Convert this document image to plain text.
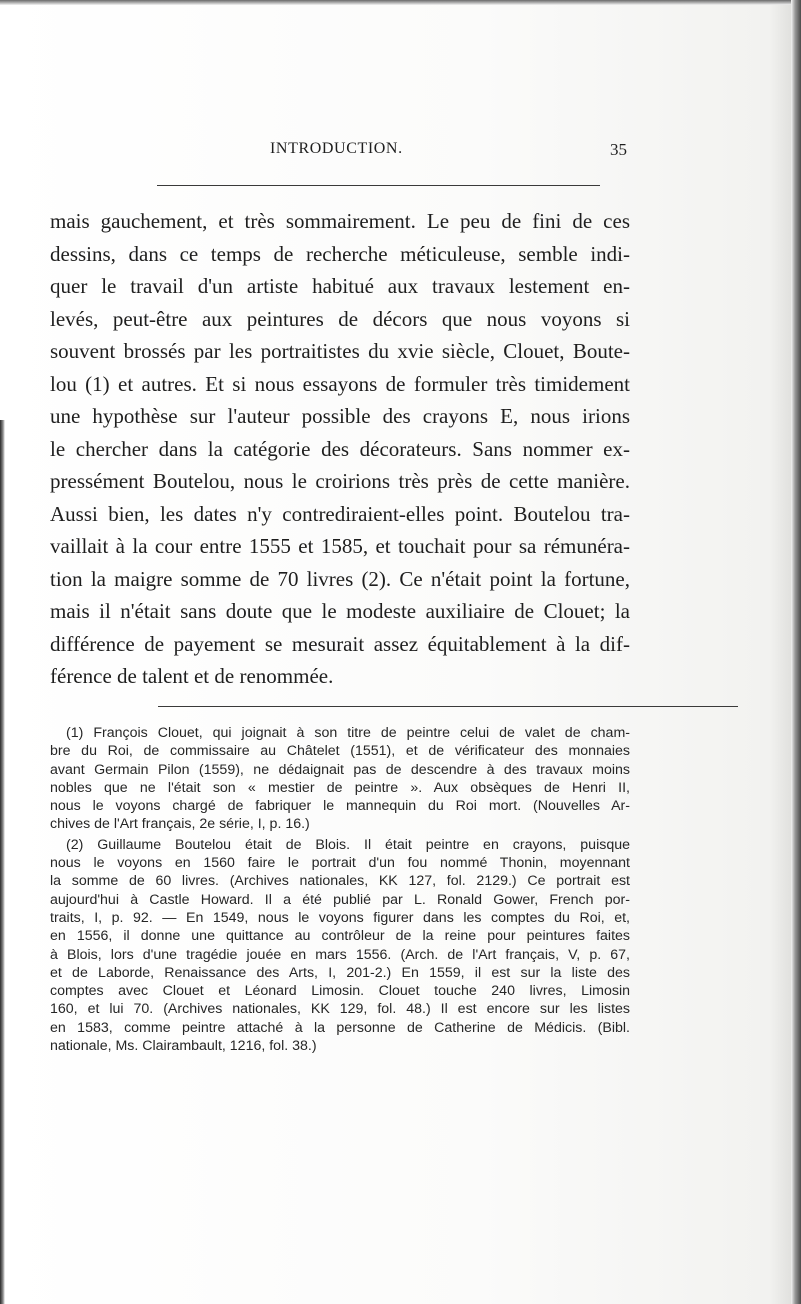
INTRODUCTION.	35
mais gauchement, et très sommairement. Le peu de fini de ces
dessins, dans ce temps de recherche méticuleuse, semble indi-
quer le travail d'un artiste habitué aux travaux lestement en-
levés, peut-être aux peintures de décors que nous voyons si
souvent brossés par les portraitistes du xvie siècle, Clouet, Boute-
lou (1) et autres. Et si nous essayons de formuler très timidement
une hypothèse sur l'auteur possible des crayons E, nous irions
le chercher dans la catégorie des décorateurs. Sans nommer ex-
pressément Boutelou, nous le croirions très près de cette manière.
Aussi bien, les dates n'y contrediraient-elles point. Boutelou tra-
vaillait à la cour entre 1555 et 1585, et touchait pour sa rémunéra-
tion la maigre somme de 70 livres (2). Ce n'était point la fortune,
mais il n'était sans doute que le modeste auxiliaire de Clouet; la
différence de payement se mesurait assez équitablement à la dif-
férence de talent et de renommée.
(1) François Clouet, qui joignait à son titre de peintre celui de valet de cham-
bre du Roi, de commissaire au Châtelet (1551), et de vérificateur des monnaies
avant Germain Pilon (1559), ne dédaignait pas de descendre à des travaux moins
nobles que ne l'était son « mestier de peintre ». Aux obsèques de Henri II,
nous le voyons chargé de fabriquer le mannequin du Roi mort. (Nouvelles Ar-
chives de l'Art français, 2e série, I, p. 16.)
(2) Guillaume Boutelou était de Blois. Il était peintre en crayons, puisque
nous le voyons en 1560 faire le portrait d'un fou nommé Thonin, moyennant
la somme de 60 livres. (Archives nationales, KK 127, fol. 2129.) Ce portrait est
aujourd'hui à Castle Howard. Il a été publié par L. Ronald Gower, French por-
traits, I, p. 92. — En 1549, nous le voyons figurer dans les comptes du Roi, et,
en 1556, il donne une quittance au contrôleur de la reine pour peintures faites
à Blois, lors d'une tragédie jouée en mars 1556. (Arch. de l'Art français, V, p. 67,
et de Laborde, Renaissance des Arts, I, 201-2.) En 1559, il est sur la liste des
comptes avec Clouet et Léonard Limosin. Clouet touche 240 livres, Limosin
160, et lui 70. (Archives nationales, KK 129, fol. 48.) Il est encore sur les listes
en 1583, comme peintre attaché à la personne de Catherine de Médicis. (Bibl.
nationale, Ms. Clairambault, 1216, fol. 38.)
